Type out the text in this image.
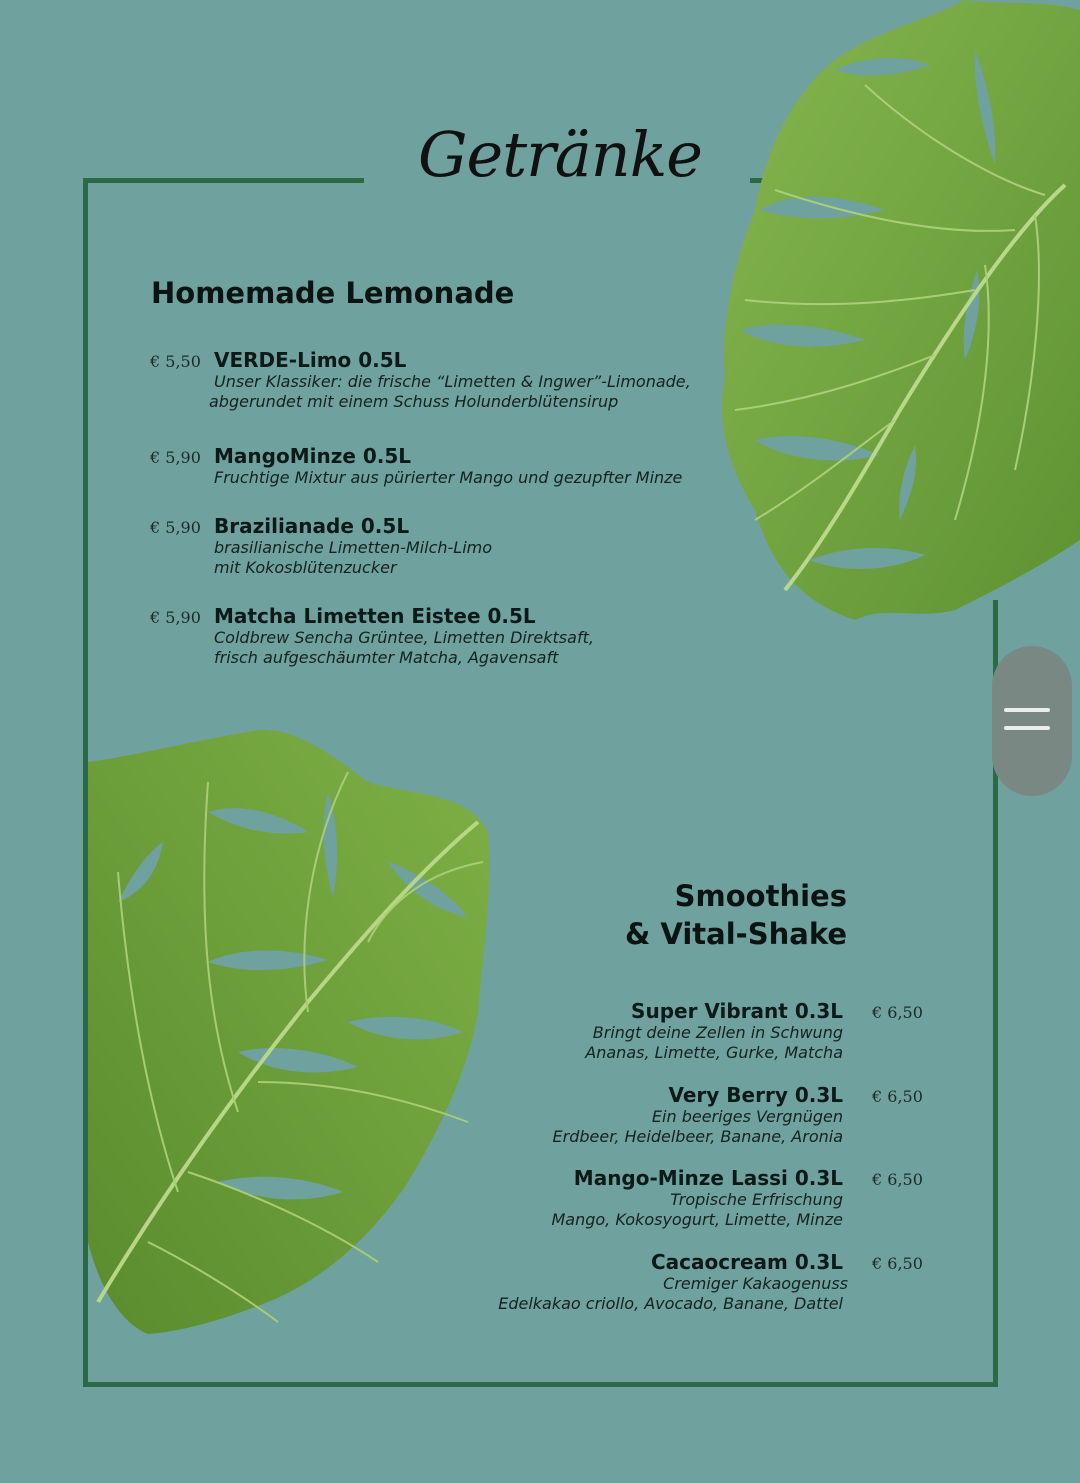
Getränke
Homemade Lemonade
€ 5,50 VERDE-Limo 0.5L
Unser Klassiker: die frische “Limetten & Ingwer”-Limonade,
abgerundet mit einem Schuss Holunderblütensirup
€ 5,90 MangoMinze 0.5L
Fruchtige Mixtur aus pürierter Mango und gezupfter Minze
€ 5,90 Brazilianade 0.5L
brasilianische Limetten-Milch-Limo
mit Kokosblütenzucker
€ 5,90 Matcha Limetten Eistee 0.5L
Coldbrew Sencha Grüntee, Limetten Direktsaft,
frisch aufgeschäumter Matcha, Agavensaft
Smoothies
& Vital-Shake
Super Vibrant 0.3L
Bringt deine Zellen in Schwung
Ananas, Limette, Gurke, Matcha
€ 6,50
Very Berry 0.3L
Ein beeriges Vergnügen
Erdbeer, Heidelbeer, Banane, Aronia
€ 6,50
Mango-Minze Lassi 0.3L
Tropische Erfrischung
Mango, Kokosyogurt, Limette, Minze
€ 6,50
Cacaocream 0.3L
Cremiger Kakaogenuss
Edelkakao criollo, Avocado, Banane, Dattel
€ 6,50
